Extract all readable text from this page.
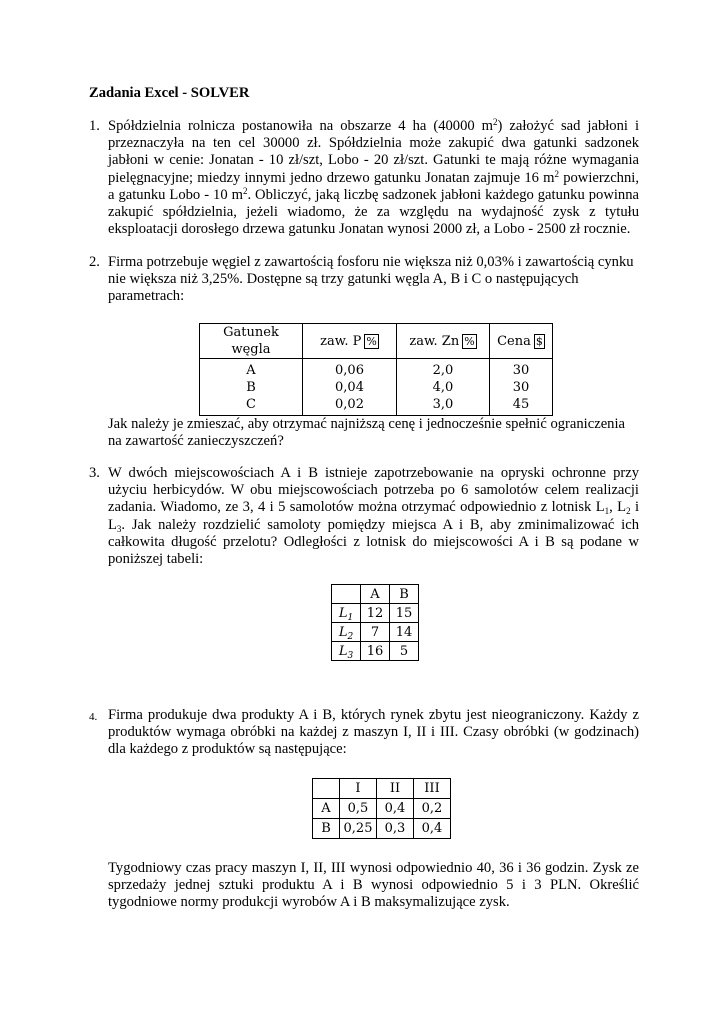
Zadania Excel - SOLVER
1. Spółdzielnia rolnicza postanowiła na obszarze 4 ha (40000 $m^2$) założyć sad jabłoni i przeznaczyła na ten cel 30000 zł. Spółdzielnia może zakupić dwa gatunki sadzonek jabłoni w cenie: Jonatan - 10 zł/szt, Lobo - 20 zł/szt. Gatunki te mają różne wymagania pielęgnacyjne; miedzy innymi jedno drzewo gatunku Jonatan zajmuje 16 $m^2$ powierzchni, a gatunku Lobo - 10 $m^2$. Obliczyć, jaką liczbę sadzonek jabłoni każdego gatunku powinna zakupić spółdzielnia, jeżeli wiadomo, że za względu na wydajność zysk z tytułu eksploatacji dorosłego drzewa gatunku Jonatan wynosi 2000 zł, a Lobo - 2500 zł rocznie.

2. Firma potrzebuje węgiel z zawartością fosforu nie większa niż 0,03% i zawartością cynku nie większa niż 3,25%. Dostępne są trzy gatunki węgla A, B i C o następujących parametrach:

Gatunek węgla	zaw. P %	zaw. Zn %	Cena $
A	0,06	2,0	30
B	0,04	4,0	30
C	0,02	3,0	45

Jak należy je zmieszać, aby otrzymać najniższą cenę i jednocześnie spełnić ograniczenia na zawartość zanieczyszczeń?

3. W dwóch miejscowościach A i B istnieje zapotrzebowanie na opryski ochronne przy użyciu herbicydów. W obu miejscowościach potrzeba po 6 samolotów celem realizacji zadania. Wiadomo, ze 3, 4 i 5 samolotów można otrzymać odpowiednio z lotnisk $L_1$, $L_2$ i $L_3$. Jak należy rozdzielić samoloty pomiędzy miejsca A i B, aby zminimalizować ich całkowita długość przelotu? Odległości z lotnisk do miejscowości A i B są podane w poniższej tabeli:

	A	B
$L_1$	12	15
$L_2$	7	14
$L_3$	16	5
4. Firma produkuje dwa produkty A i B, których rynek zbytu jest nieograniczony. Każdy z produktów wymaga obróbki na każdej z maszyn I, II i III. Czasy obróbki (w godzinach) dla każdego z produktów są następujące:

	I	II	III
A	0,5	0,4	0,2
B	0,25	0,3	0,4

Tygodniowy czas pracy maszyn I, II, III wynosi odpowiednio 40, 36 i 36 godzin. Zysk ze sprzedaży jednej sztuki produktu A i B wynosi odpowiednio 5 i 3 PLN. Określić tygodniowe normy produkcji wyrobów A i B maksymalizujące zysk.
